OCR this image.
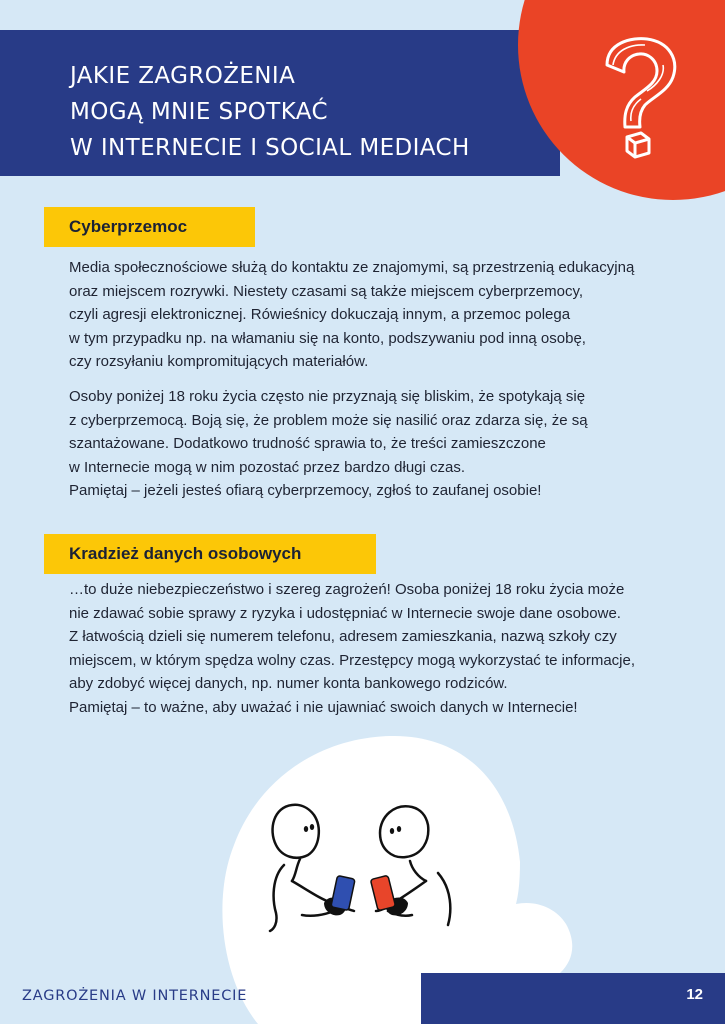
JAKIE ZAGROŻENIA
MOGĄ MNIE SPOTKAĆ
W INTERNECIE I SOCIAL MEDIACH
Cyberprzemoc
Media społecznościowe służą do kontaktu ze znajomymi, są przestrzenią edukacyjną
oraz miejscem rozrywki. Niestety czasami są także miejscem cyberprzemocy,
czyli agresji elektronicznej. Rówieśnicy dokuczają innym, a przemoc polega
w tym przypadku np. na włamaniu się na konto, podszywaniu pod inną osobę,
czy rozsyłaniu kompromitujących materiałów.
Osoby poniżej 18 roku życia często nie przyznają się bliskim, że spotykają się
z cyberprzemocą. Boją się, że problem może się nasilić oraz zdarza się, że są
szantażowane. Dodatkowo trudność sprawia to, że treści zamieszczone
w Internecie mogą w nim pozostać przez bardzo długi czas.
Pamiętaj – jeżeli jesteś ofiarą cyberprzemocy, zgłoś to zaufanej osobie!
Kradzież danych osobowych
…to duże niebezpieczeństwo i szereg zagrożeń! Osoba poniżej 18 roku życia może
nie zdawać sobie sprawy z ryzyka i udostępniać w Internecie swoje dane osobowe.
Z łatwością dzieli się numerem telefonu, adresem zamieszkania, nazwą szkoły czy
miejscem, w którym spędza wolny czas. Przestępcy mogą wykorzystać te informacje,
aby zdobyć więcej danych, np. numer konta bankowego rodziców.
Pamiętaj – to ważne, aby uważać i nie ujawniać swoich danych w Internecie!
ZAGROŻENIA W INTERNECIE	12
